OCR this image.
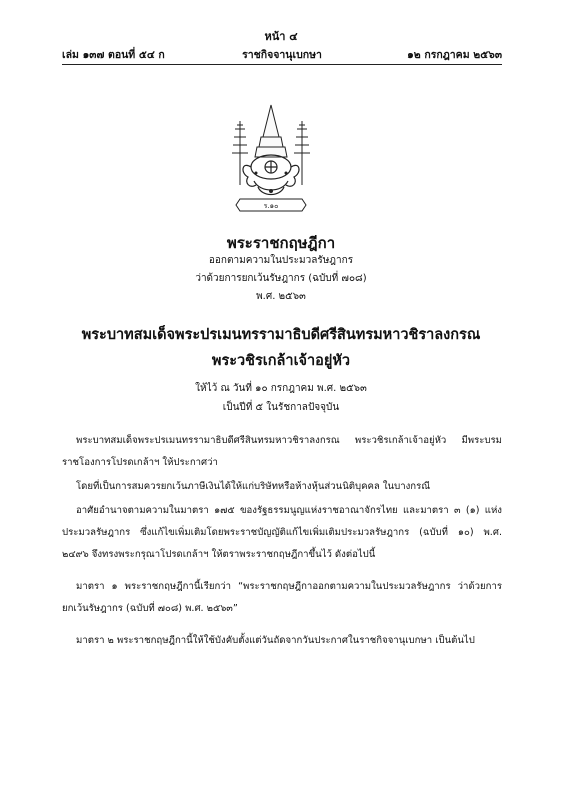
หน้า ๔
เล่ม ๑๓๗ ตอนที่ ๕๔ ก	ราชกิจจานุเบกษา	๑๒ กรกฎาคม ๒๕๖๓
ร.๑๐
พระราชกฤษฎีกา
ออกตามความในประมวลรัษฎากร
ว่าด้วยการยกเว้นรัษฎากร (ฉบับที่ ๗๐๘)
พ.ศ. ๒๕๖๓
พระบาทสมเด็จพระปรเมนทรรามาธิบดีศรีสินทรมหาวชิราลงกรณ
พระวชิรเกล้าเจ้าอยู่หัว
ให้ไว้ ณ วันที่ ๑๐ กรกฎาคม พ.ศ. ๒๕๖๓
เป็นปีที่ ๕ ในรัชกาลปัจจุบัน

พระบาทสมเด็จพระปรเมนทรรามาธิบดีศรีสินทรมหาวชิราลงกรณ พระวชิรเกล้าเจ้าอยู่หัว มีพระบรมราชโองการโปรดเกล้าฯ ให้ประกาศว่า

โดยที่เป็นการสมควรยกเว้นภาษีเงินได้ให้แก่บริษัทหรือห้างหุ้นส่วนนิติบุคคล ในบางกรณี

อาศัยอำนาจตามความในมาตรา ๑๗๕ ของรัฐธรรมนูญแห่งราชอาณาจักรไทย และมาตรา ๓ (๑) แห่งประมวลรัษฎากร ซึ่งแก้ไขเพิ่มเติมโดยพระราชบัญญัติแก้ไขเพิ่มเติมประมวลรัษฎากร (ฉบับที่ ๑๐) พ.ศ. ๒๔๙๖ จึงทรงพระกรุณาโปรดเกล้าฯ ให้ตราพระราชกฤษฎีกาขึ้นไว้ ดังต่อไปนี้

มาตรา ๑ พระราชกฤษฎีกานี้เรียกว่า “พระราชกฤษฎีกาออกตามความในประมวลรัษฎากร ว่าด้วยการยกเว้นรัษฎากร (ฉบับที่ ๗๐๘) พ.ศ. ๒๕๖๓”

มาตรา ๒ พระราชกฤษฎีกานี้ให้ใช้บังคับตั้งแต่วันถัดจากวันประกาศในราชกิจจานุเบกษา เป็นต้นไป
